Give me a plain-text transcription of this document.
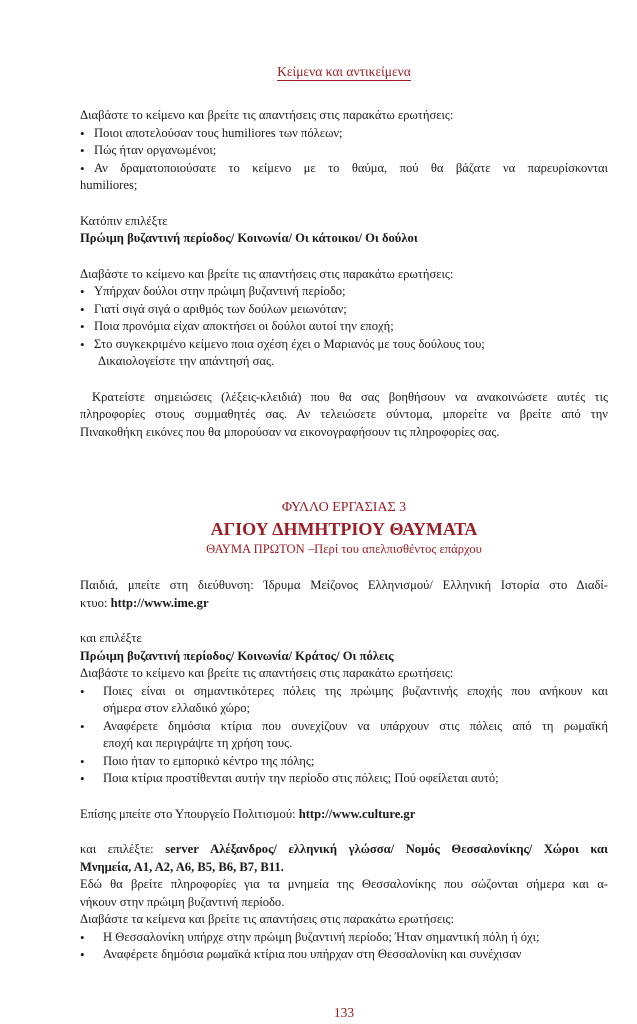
Κείμενα και αντικείμενα
Διαβάστε το κείμενο και βρείτε τις απαντήσεις στις παρακάτω ερωτήσεις:
• Ποιοι αποτελούσαν τους humiliores των πόλεων;
• Πώς ήταν οργανωμένοι;
• Αν δραματοποιούσατε το κείμενο με το θαύμα, πού θα βάζατε να παρευρίσκονται
humiliores;
Κατόπιν επιλέξτε
Πρώιμη βυζαντινή περίοδος/ Κοινωνία/ Οι κάτοικοι/ Οι δούλοι
Διαβάστε το κείμενο και βρείτε τις απαντήσεις στις παρακάτω ερωτήσεις:
• Υπήρχαν δούλοι στην πρώιμη βυζαντινή περίοδο;
• Γιατί σιγά σιγά ο αριθμός των δούλων μειωνόταν;
• Ποια προνόμια είχαν αποκτήσει οι δούλοι αυτοί την εποχή;
• Στο συγκεκριμένο κείμενο ποια σχέση έχει ο Μαριανός με τους δούλους του;
Δικαιολογείστε την απάντησή σας.
Κρατείστε σημειώσεις (λέξεις-κλειδιά) που θα σας βοηθήσουν να ανακοινώσετε αυτές τις
πληροφορίες στους συμμαθητές σας. Αν τελειώσετε σύντομα, μπορείτε να βρείτε από την
Πινακοθήκη εικόνες που θα μπορούσαν να εικονογραφήσουν τις πληροφορίες σας.
ΦΥΛΛΟ ΕΡΓΑΣΙΑΣ 3
ΑΓΙΟΥ ΔΗΜΗΤΡΙΟΥ ΘΑΥΜΑΤΑ
ΘΑΥΜΑ ΠΡΩΤΟΝ –Περί του απελπισθέντος επάρχου
Παιδιά, μπείτε στη διεύθυνση: Ίδρυμα Μείζονος Ελληνισμού/ Ελληνική Ιστορία στο Διαδί-
κτυο: http://www.ime.gr
και επιλέξτε
Πρώιμη βυζαντινή περίοδος/ Κοινωνία/ Κράτος/ Οι πόλεις
Διαβάστε το κείμενο και βρείτε τις απαντήσεις στις παρακάτω ερωτήσεις:
• Ποιες είναι οι σημαντικότερες πόλεις της πρώιμης βυζαντινής εποχής που ανήκουν και
σήμερα στον ελλαδικό χώρο;
• Αναφέρετε δημόσια κτίρια που συνεχίζουν να υπάρχουν στις πόλεις από τη ρωμαϊκή
εποχή και περιγράψτε τη χρήση τους.
• Ποιο ήταν το εμπορικό κέντρο της πόλης;
• Ποια κτίρια προστίθενται αυτήν την περίοδο στις πόλεις; Πού οφείλεται αυτό;
Επίσης μπείτε στο Υπουργείο Πολιτισμού: http://www.culture.gr
και επιλέξτε: server Αλέξανδρος/ ελληνική γλώσσα/ Νομός Θεσσαλονίκης/ Χώροι και
Μνημεία, Α1, Α2, Α6, Β5, Β6, Β7, Β11.
Εδώ θα βρείτε πληροφορίες για τα μνημεία της Θεσσαλονίκης που σώζονται σήμερα και α-
νήκουν στην πρώιμη βυζαντινή περίοδο.
Διαβάστε τα κείμενα και βρείτε τις απαντήσεις στις παρακάτω ερωτήσεις:
• Η Θεσσαλονίκη υπήρχε στην πρώιμη βυζαντινή περίοδο; Ήταν σημαντική πόλη ή όχι;
• Αναφέρετε δημόσια ρωμαϊκά κτίρια που υπήρχαν στη Θεσσαλονίκη και συνέχισαν
133
